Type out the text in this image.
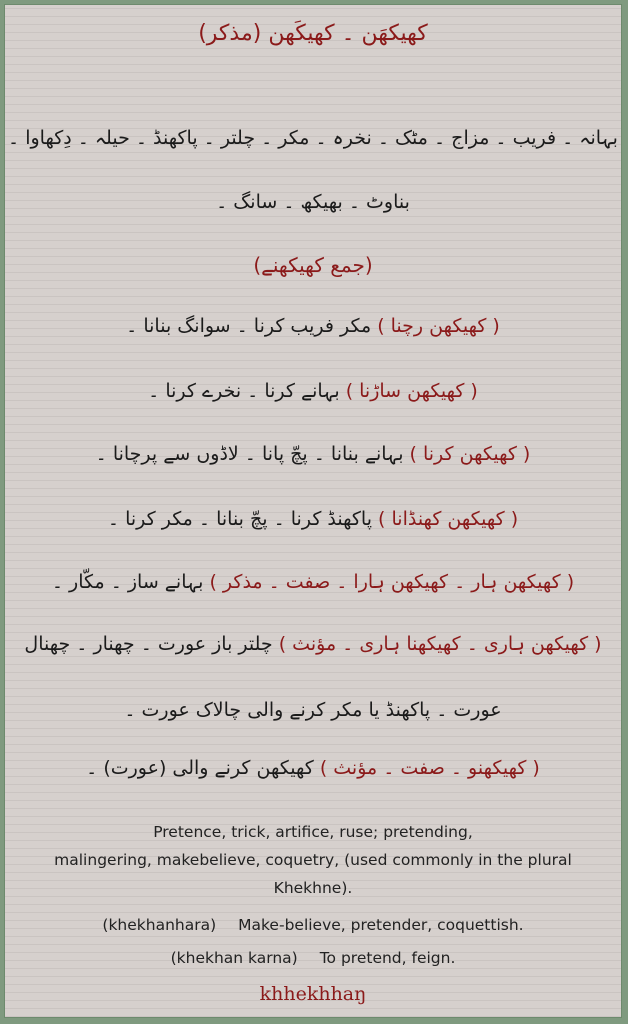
کھیکھَن ۔ کھیکَھن (مذکر)
بہانہ ۔ فریب ۔ مزاج ۔ مٹک ۔ نخرہ ۔ مکر ۔ چلتر ۔ پاکھنڈ ۔ حیلہ ۔ دِکھاوا ۔
بناوٹ ۔ بھیکھ ۔ سانگ ۔
(جمع کھیکھنے)
( کھیکھن رچنا ) مکر فریب کرنا ۔ سوانگ بنانا ۔
( کھیکھن ساڑنا ) بہانے کرنا ۔ نخرے کرنا ۔
( کھیکھن کرنا ) بہانے بنانا ۔ پچّ پانا ۔ لاڈوں سے پرچانا ۔
( کھیکھن کھنڈانا ) پاکھنڈ کرنا ۔ پچّ بنانا ۔ مکر کرنا ۔
( کھیکھن ہار ۔ کھیکھن ہارا ۔ صفت ۔ مذکر ) بہانے ساز ۔ مکّار ۔
( کھیکھن ہاری ۔ کھیکھنا ہاری ۔ مؤنث ) چلتر باز عورت ۔ چھنار ۔ چھنال
عورت ۔ پاکھنڈ یا مکر کرنے والی چالاک عورت ۔
( کھیکھنو ۔ صفت ۔ مؤنث ) کھیکھن کرنے والی (عورت) ۔
Pretence, trick, artifice, ruse; pretending,
malingering, makebelieve, coquetry, (used commonly in the plural
Khekhne).
(khekhanhara) Make-believe, pretender, coquettish.
(khekhan karna) To pretend, feign.
khhekhhaŋ
